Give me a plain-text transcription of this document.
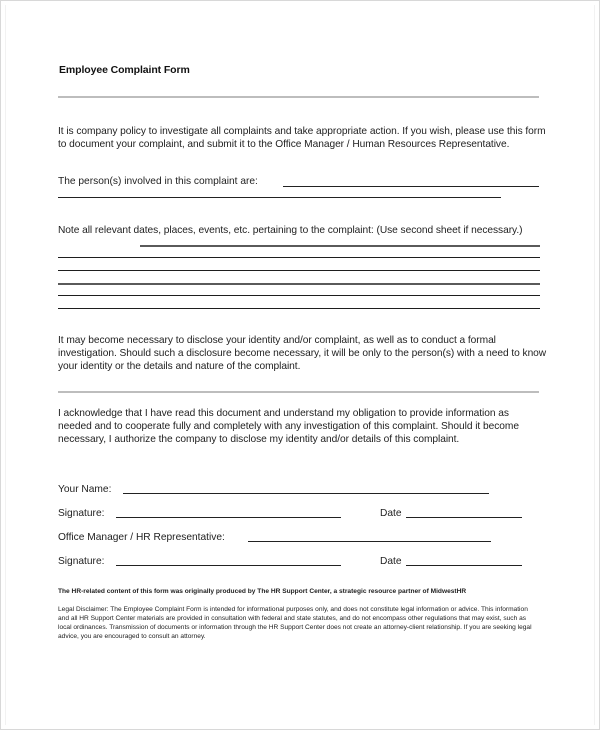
Employee Complaint Form
It is company policy to investigate all complaints and take appropriate action. If you wish, please use this form to document your complaint, and submit it to the Office Manager / Human Resources Representative.
The person(s) involved in this complaint are:
Note all relevant dates, places, events, etc. pertaining to the complaint: (Use second sheet if necessary.)
It may become necessary to disclose your identity and/or complaint, as well as to conduct a formal investigation. Should such a disclosure become necessary, it will be only to the person(s) with a need to know your identity or the details and nature of the complaint.
I acknowledge that I have read this document and understand my obligation to provide information as needed and to cooperate fully and completely with any investigation of this complaint. Should it become necessary, I authorize the company to disclose my identity and/or details of this complaint.
Your Name:
Signature:	Date
Office Manager / HR Representative:
Signature:	Date
The HR-related content of this form was originally produced by The HR Support Center, a strategic resource partner of MidwestHR
Legal Disclaimer: The Employee Complaint Form is intended for informational purposes only, and does not constitute legal information or advice. This information and all HR Support Center materials are provided in consultation with federal and state statutes, and do not encompass other regulations that may exist, such as local ordinances. Transmission of documents or information through the HR Support Center does not create an attorney-client relationship. If you are seeking legal advice, you are encouraged to consult an attorney.
